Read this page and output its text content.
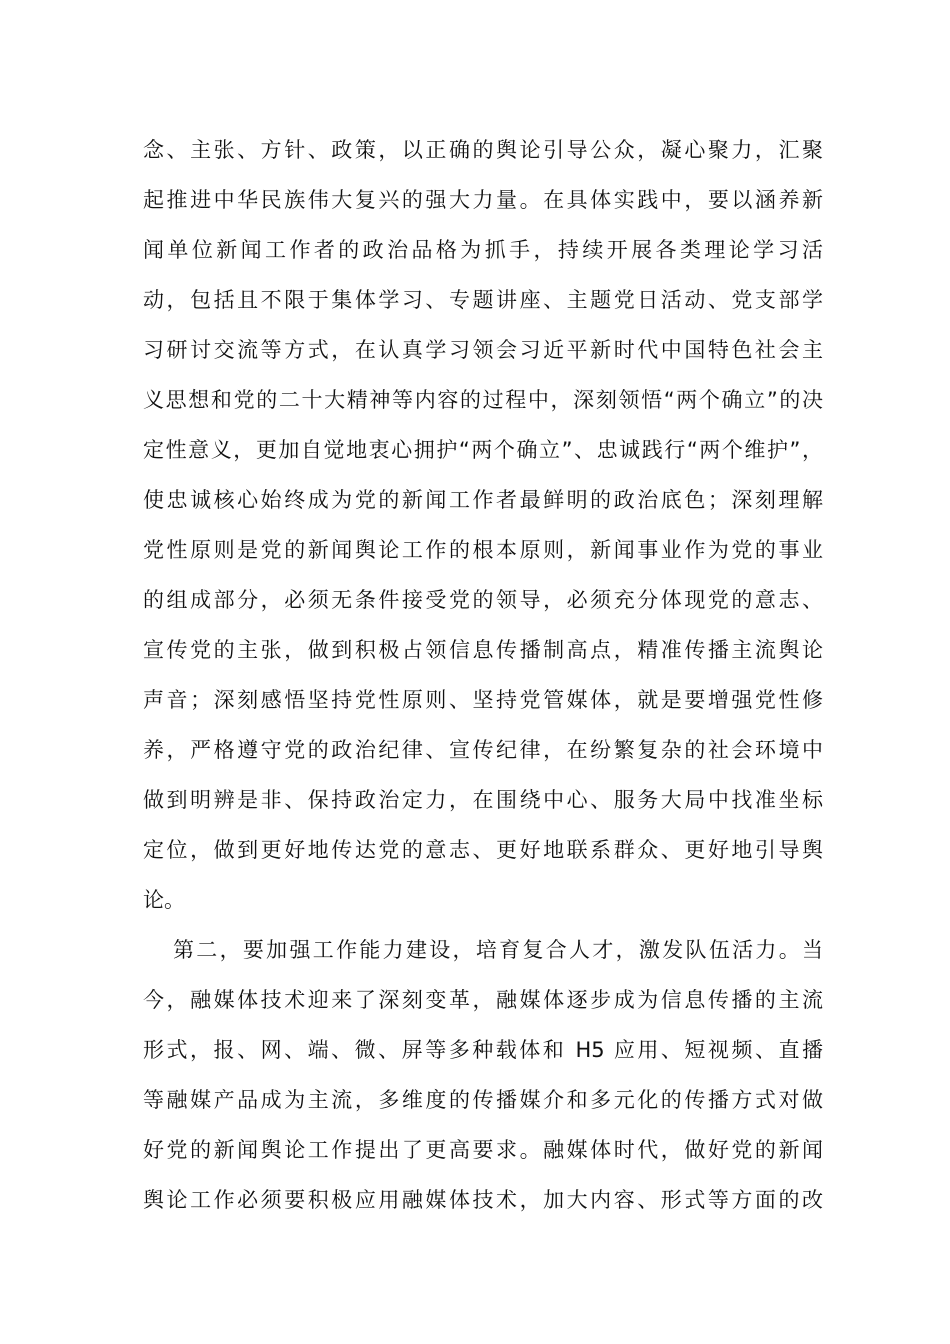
念、主张、方针、政策，以正确的舆论引导公众，凝心聚力，汇聚
起推进中华民族伟大复兴的强大力量。在具体实践中，要以涵养新
闻单位新闻工作者的政治品格为抓手，持续开展各类理论学习活
动，包括且不限于集体学习、专题讲座、主题党日活动、党支部学
习研讨交流等方式，在认真学习领会习近平新时代中国特色社会主
义思想和党的二十大精神等内容的过程中，深刻领悟“两个确立”的决
定性意义，更加自觉地衷心拥护“两个确立”、忠诚践行“两个维护”，
使忠诚核心始终成为党的新闻工作者最鲜明的政治底色；深刻理解
党性原则是党的新闻舆论工作的根本原则，新闻事业作为党的事业
的组成部分，必须无条件接受党的领导，必须充分体现党的意志、
宣传党的主张，做到积极占领信息传播制高点，精准传播主流舆论
声音；深刻感悟坚持党性原则、坚持党管媒体，就是要增强党性修
养，严格遵守党的政治纪律、宣传纪律，在纷繁复杂的社会环境中
做到明辨是非、保持政治定力，在围绕中心、服务大局中找准坐标
定位，做到更好地传达党的意志、更好地联系群众、更好地引导舆
论。
第二，要加强工作能力建设，培育复合人才，激发队伍活力。当
今，融媒体技术迎来了深刻变革，融媒体逐步成为信息传播的主流
形式，报、网、端、微、屏等多种载体和 H5 应用、短视频、直播
等融媒产品成为主流，多维度的传播媒介和多元化的传播方式对做
好党的新闻舆论工作提出了更高要求。融媒体时代，做好党的新闻
舆论工作必须要积极应用融媒体技术，加大内容、形式等方面的改
